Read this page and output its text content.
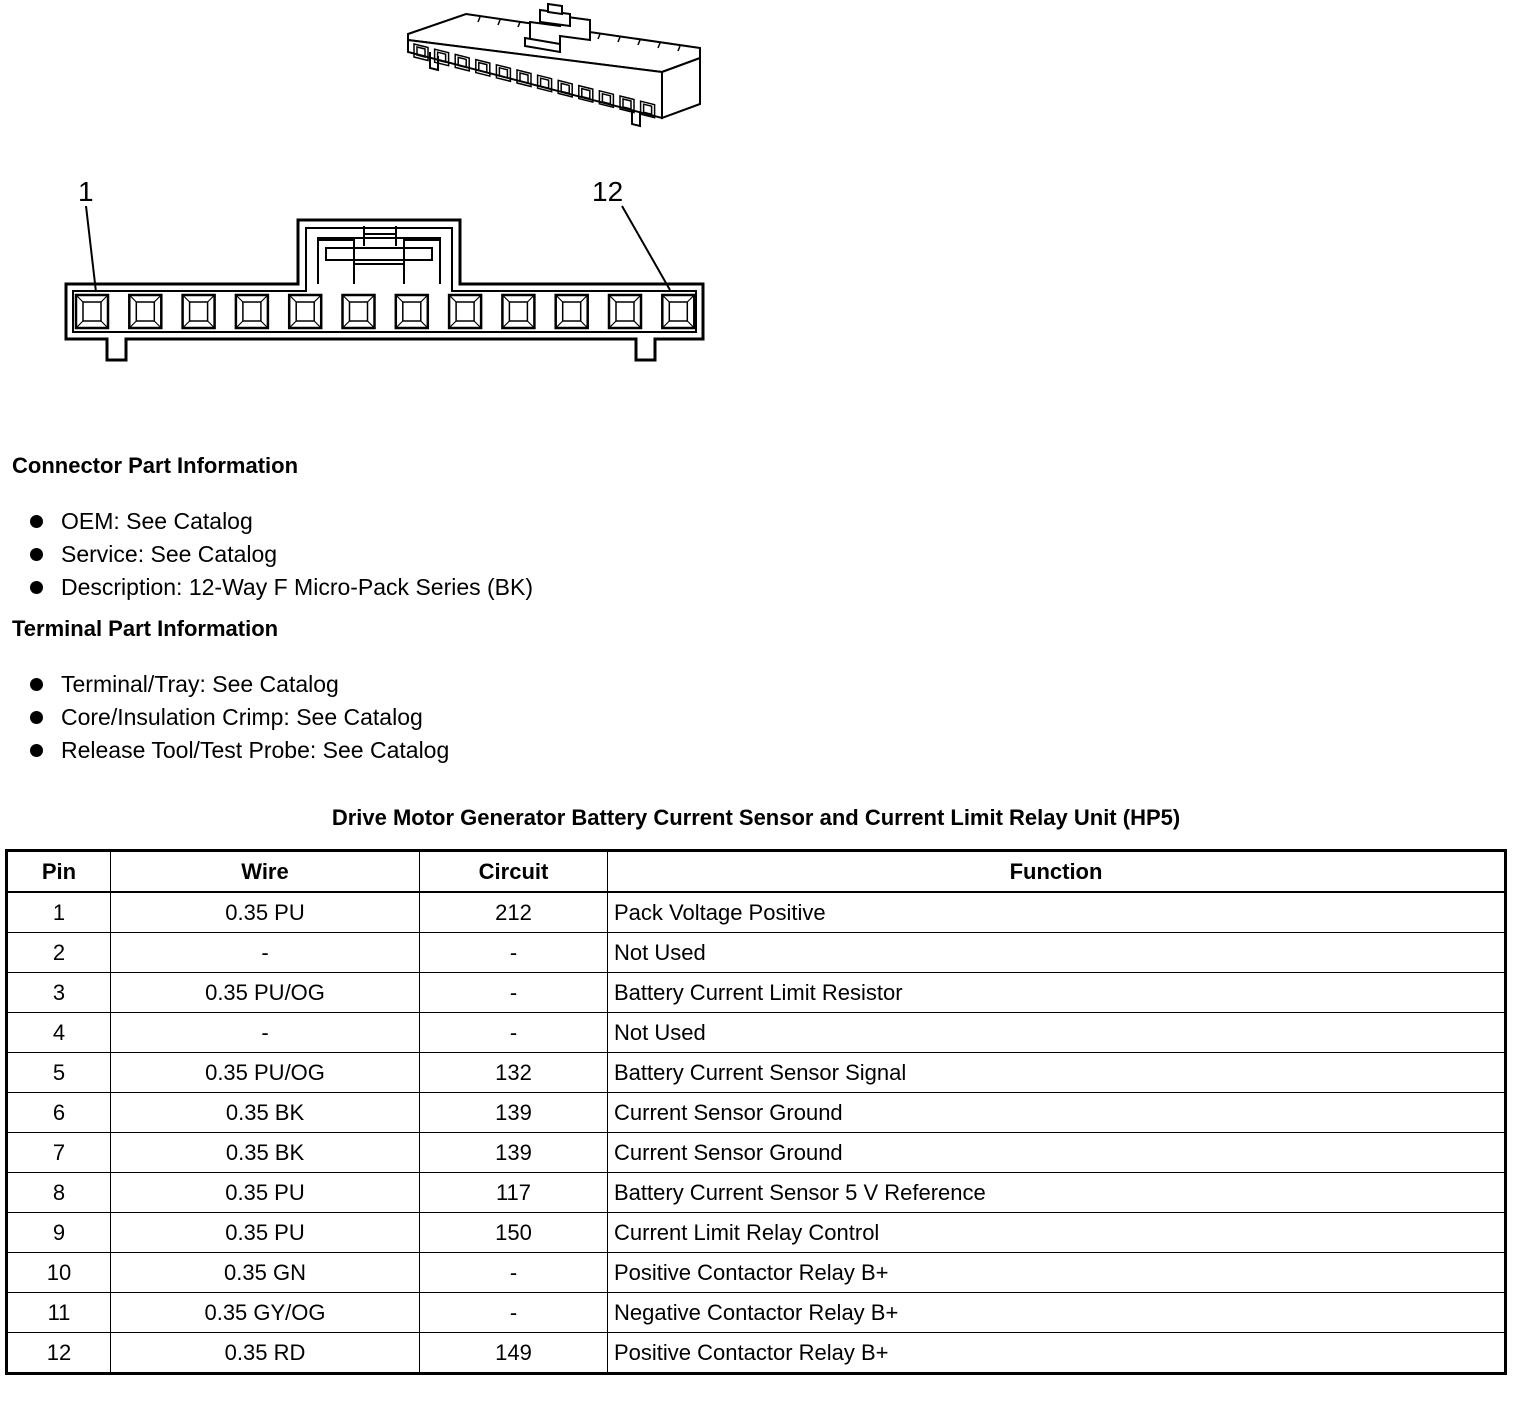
1	12
Connector Part Information
OEM: See Catalog
Service: See Catalog
Description: 12-Way F Micro-Pack Series (BK)
Terminal Part Information
Terminal/Tray: See Catalog
Core/Insulation Crimp: See Catalog
Release Tool/Test Probe: See Catalog
Drive Motor Generator Battery Current Sensor and Current Limit Relay Unit (HP5)
Pin	Wire	Circuit	Function
1	0.35 PU	212	Pack Voltage Positive
2	-	-	Not Used
3	0.35 PU/OG	-	Battery Current Limit Resistor
4	-	-	Not Used
5	0.35 PU/OG	132	Battery Current Sensor Signal
6	0.35 BK	139	Current Sensor Ground
7	0.35 BK	139	Current Sensor Ground
8	0.35 PU	117	Battery Current Sensor 5 V Reference
9	0.35 PU	150	Current Limit Relay Control
10	0.35 GN	-	Positive Contactor Relay B+
11	0.35 GY/OG	-	Negative Contactor Relay B+
12	0.35 RD	149	Positive Contactor Relay B+
